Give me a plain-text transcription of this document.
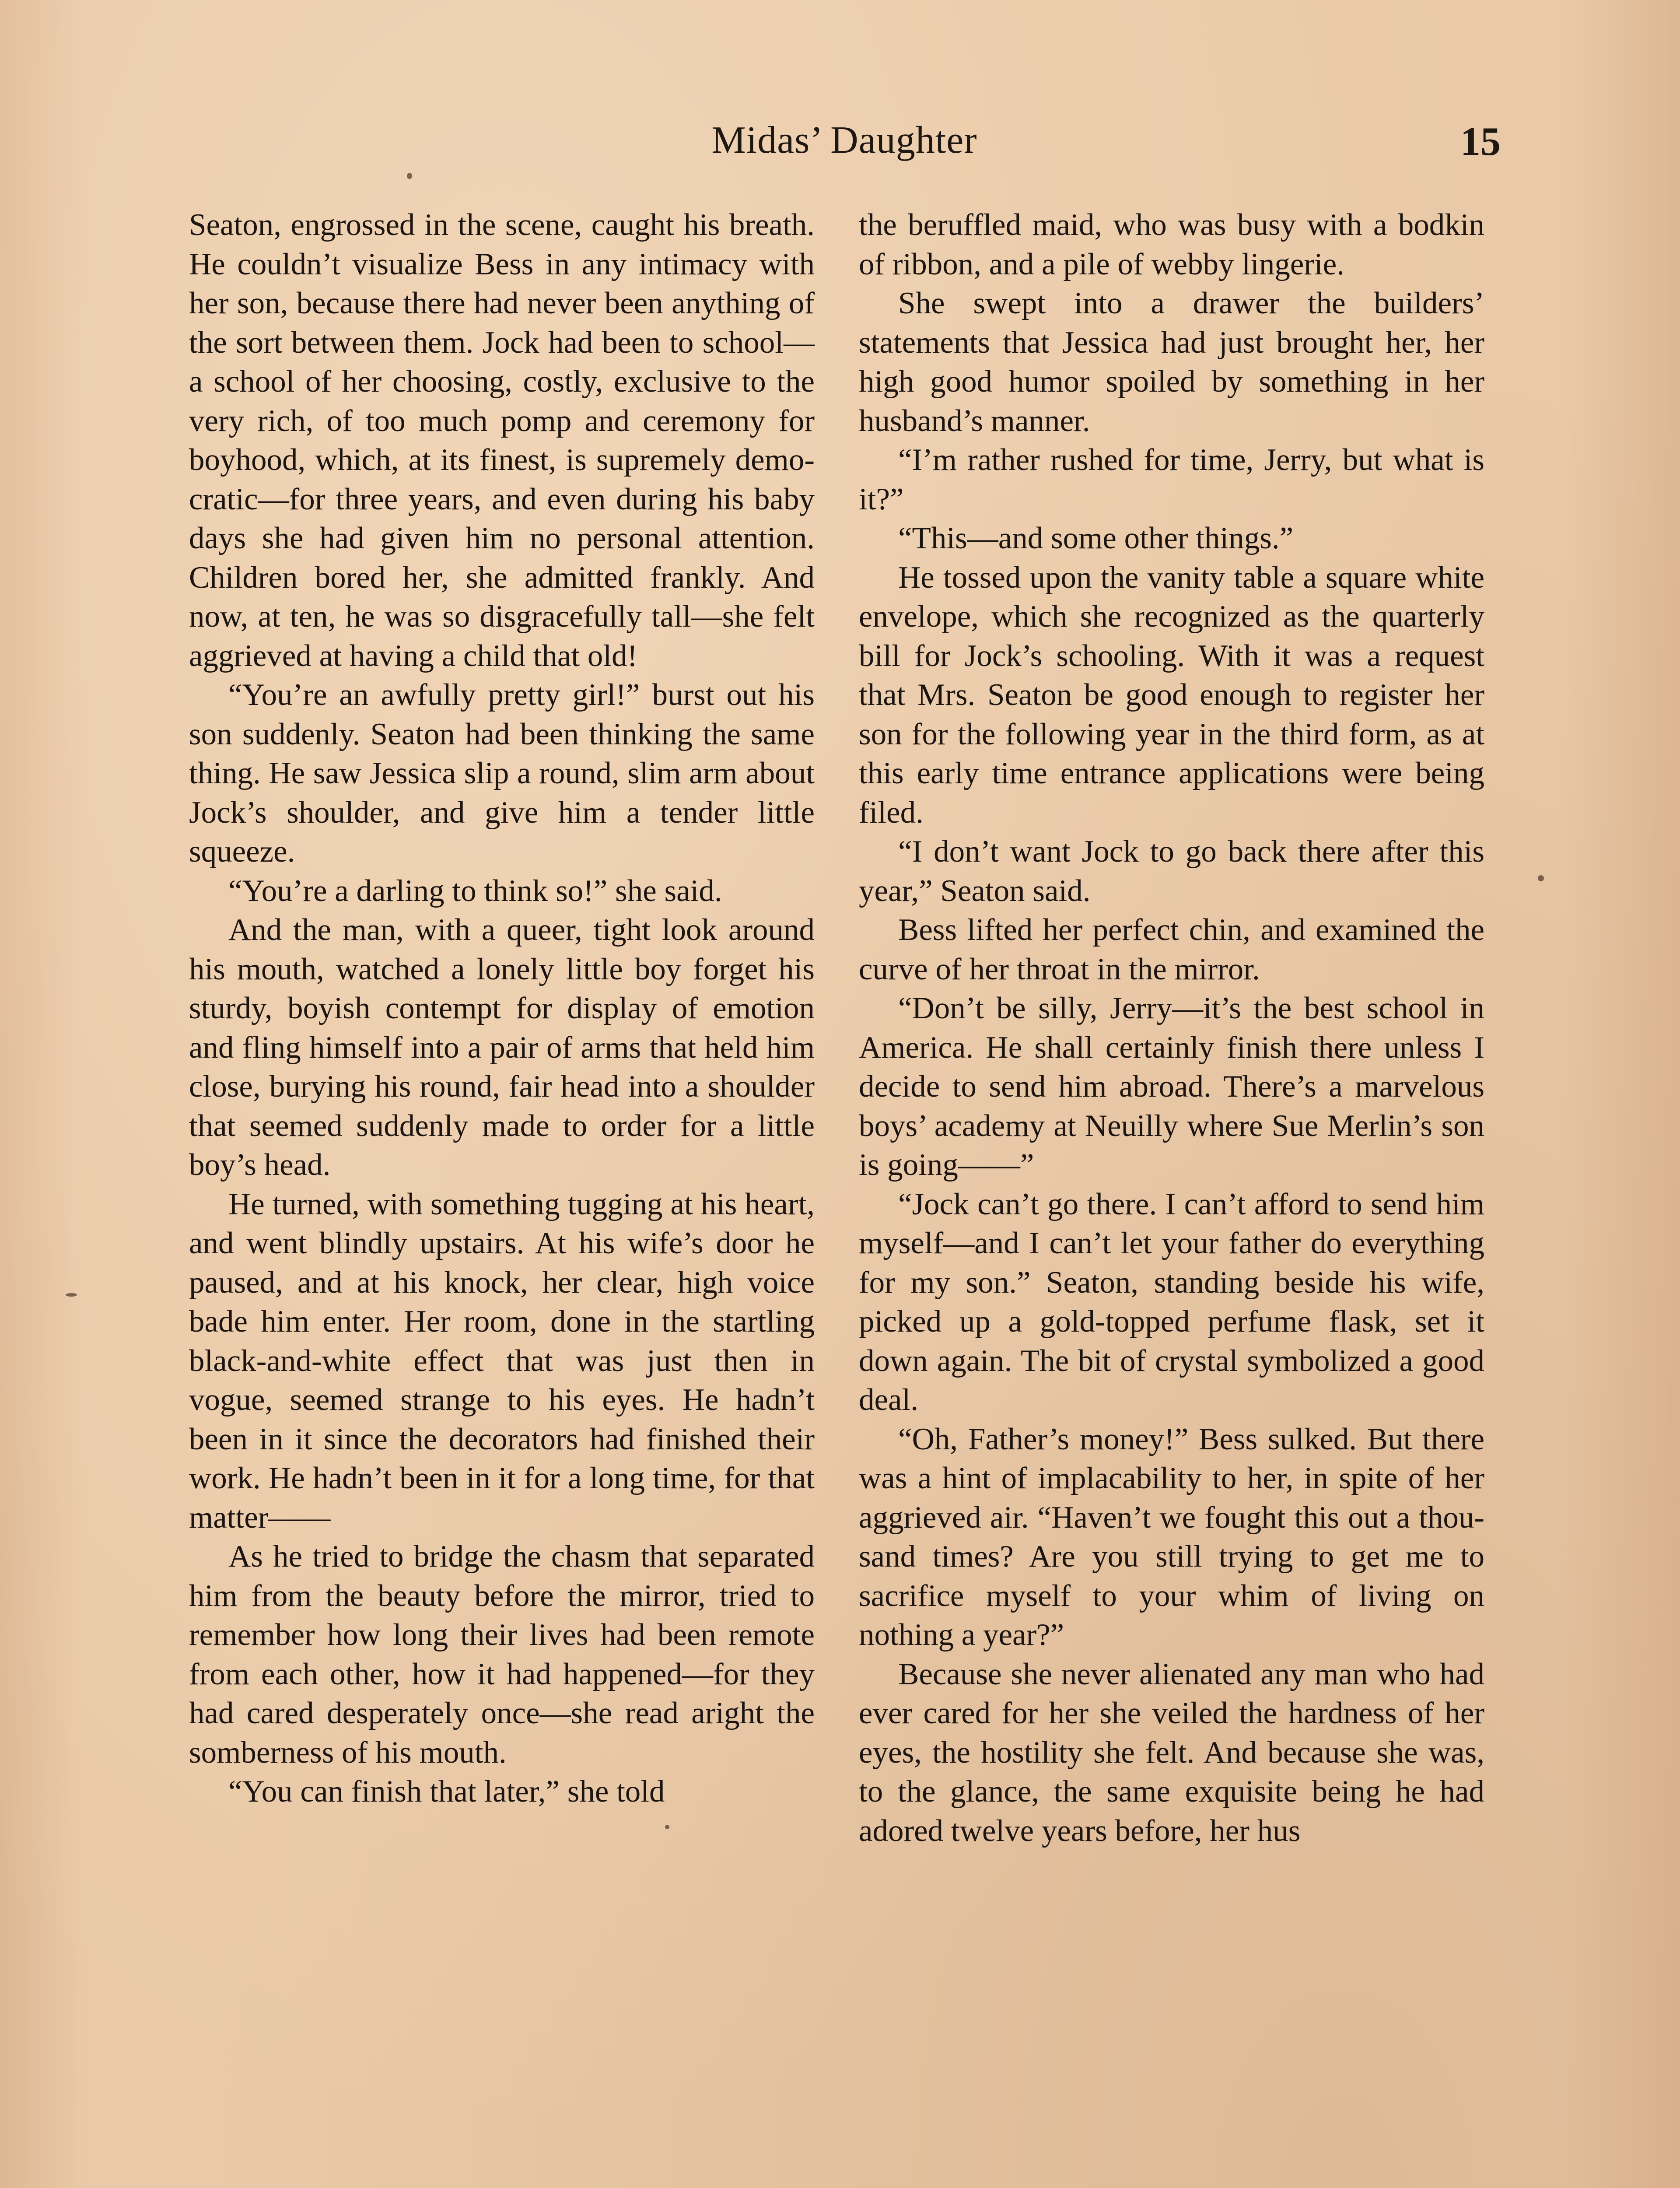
Midas’ Daughter	15

Seaton, engrossed in the scene, caught his breath. He couldn’t visualize Bess in any intimacy with her son, because there had never been anything of the sort between them. Jock had been to school—a school of her choosing, costly, exclusive to the very rich, of too much pomp and ceremony for boyhood, which, at its finest, is supremely democratic—for three years, and even during his baby days she had given him no personal attention. Children bored her, she admitted frankly. And now, at ten, he was so disgracefully tall—she felt aggrieved at having a child that old!

“You’re an awfully pretty girl!” burst out his son suddenly. Seaton had been thinking the same thing. He saw Jessica slip a round, slim arm about Jock’s shoulder, and give him a tender little squeeze.

“You’re a darling to think so!” she said.

And the man, with a queer, tight look around his mouth, watched a lonely little boy forget his sturdy, boyish contempt for display of emotion and fling himself into a pair of arms that held him close, burying his round, fair head into a shoulder that seemed suddenly made to order for a little boy’s head.

He turned, with something tugging at his heart, and went blindly upstairs. At his wife’s door he paused, and at his knock, her clear, high voice bade him enter. Her room, done in the startling black-and-white effect that was just then in vogue, seemed strange to his eyes. He hadn’t been in it since the decorators had finished their work. He hadn’t been in it for a long time, for that matter——

As he tried to bridge the chasm that separated him from the beauty before the mirror, tried to remember how long their lives had been remote from each other, how it had happened—for they had cared desperately once—she read aright the somberness of his mouth.

“You can finish that later,” she told

the beruffled maid, who was busy with a bodkin of ribbon, and a pile of webby lingerie.

She swept into a drawer the builders’ statements that Jessica had just brought her, her high good humor spoiled by something in her husband’s manner.

“I’m rather rushed for time, Jerry, but what is it?”

“This—and some other things.”

He tossed upon the vanity table a square white envelope, which she recognized as the quarterly bill for Jock’s schooling. With it was a request that Mrs. Seaton be good enough to register her son for the following year in the third form, as at this early time entrance applications were being filed.

“I don’t want Jock to go back there after this year,” Seaton said.

Bess lifted her perfect chin, and examined the curve of her throat in the mirror.

“Don’t be silly, Jerry—it’s the best school in America. He shall certainly finish there unless I decide to send him abroad. There’s a marvelous boys’ academy at Neuilly where Sue Merlin’s son is going——”

“Jock can’t go there. I can’t afford to send him myself—and I can’t let your father do everything for my son.” Seaton, standing beside his wife, picked up a gold-topped perfume flask, set it down again. The bit of crystal symbolized a good deal.

“Oh, Father’s money!” Bess sulked. But there was a hint of implacability to her, in spite of her aggrieved air. “Haven’t we fought this out a thousand times? Are you still trying to get me to sacrifice myself to your whim of living on nothing a year?”

Because she never alienated any man who had ever cared for her she veiled the hardness of her eyes, the hostility she felt. And because she was, to the glance, the same exquisite being he had adored twelve years before, her hus
